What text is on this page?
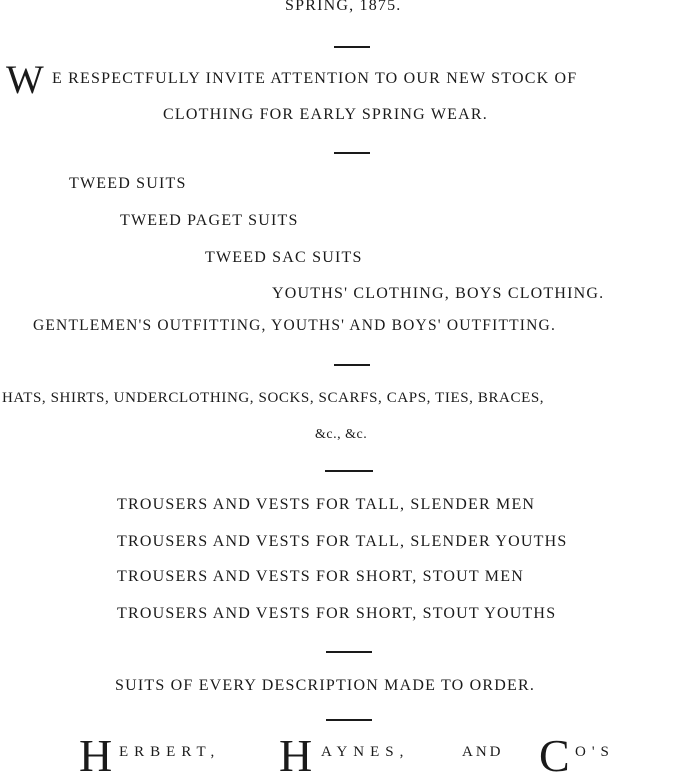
SPRING, 1875.
W E RESPECTFULLY INVITE ATTENTION TO OUR NEW STOCK OF
CLOTHING FOR EARLY SPRING WEAR.
TWEED SUITS
TWEED PAGET SUITS
TWEED SAC SUITS
YOUTHS' CLOTHING, BOYS CLOTHING.
GENTLEMEN'S OUTFITTING, YOUTHS' AND BOYS' OUTFITTING.
HATS, SHIRTS, UNDERCLOTHING, SOCKS, SCARFS, CAPS, TIES, BRACES,
&c., &c.
TROUSERS AND VESTS FOR TALL, SLENDER MEN
TROUSERS AND VESTS FOR TALL, SLENDER YOUTHS
TROUSERS AND VESTS FOR SHORT, STOUT MEN
TROUSERS AND VESTS FOR SHORT, STOUT YOUTHS
SUITS OF EVERY DESCRIPTION MADE TO ORDER.
H ERBERT, H AYNES,	AND C O'S
